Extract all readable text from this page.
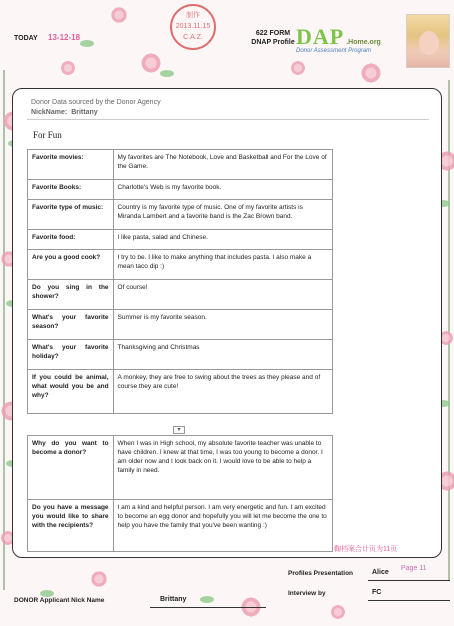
TODAY 13-12-18
制作
2013.11.15
C.A.Z.
622 FORM
DNAP Profile DAP .Home.org
Donor Assessment Program
Donor Data sourced by the Donor Agency
NickName: Brittany
For Fun
Favorite movies:	My favorites are The Notebook, Love and Basketball and For the Love of the Game.
Favorite Books:	Charlotte's Web is my favorite book.
Favorite type of music:	Country is my favorite type of music. One of my favorite artists is Miranda Lambert and a favorite band is the Zac Brown band.
Favorite food:	I like pasta, salad and Chinese.
Are you a good cook?	I try to be. I like to make anything that includes pasta. I also make a mean taco dip :)
Do you sing in the shower?	Of course!
What's your favorite season?	Summer is my favorite season.
What's your favorite holiday?	Thanksgiving and Christmas
If you could be animal, what would you be and why?	A monkey, they are free to swing about the trees as they please and of course they are cute!
▾
Why do you want to become a donor?	When I was in High school, my absolute favorite teacher was unable to have children. I knew at that time, I was too young to become a donor. I am older now and I look back on it. I would love to be able to help a family in need.
Do you have a message you would like to share with the recipients?	I am a kind and helpful person. I am very energetic and fun. I am excited to become an egg donor and hopefully you will let me become the one to help you have the family that you've been wanting :)
鞠档案合计页为11页
Page 11
Profiles Presentation	Alice
Interview by	FC
DONOR Applicant Nick Name	Brittany
